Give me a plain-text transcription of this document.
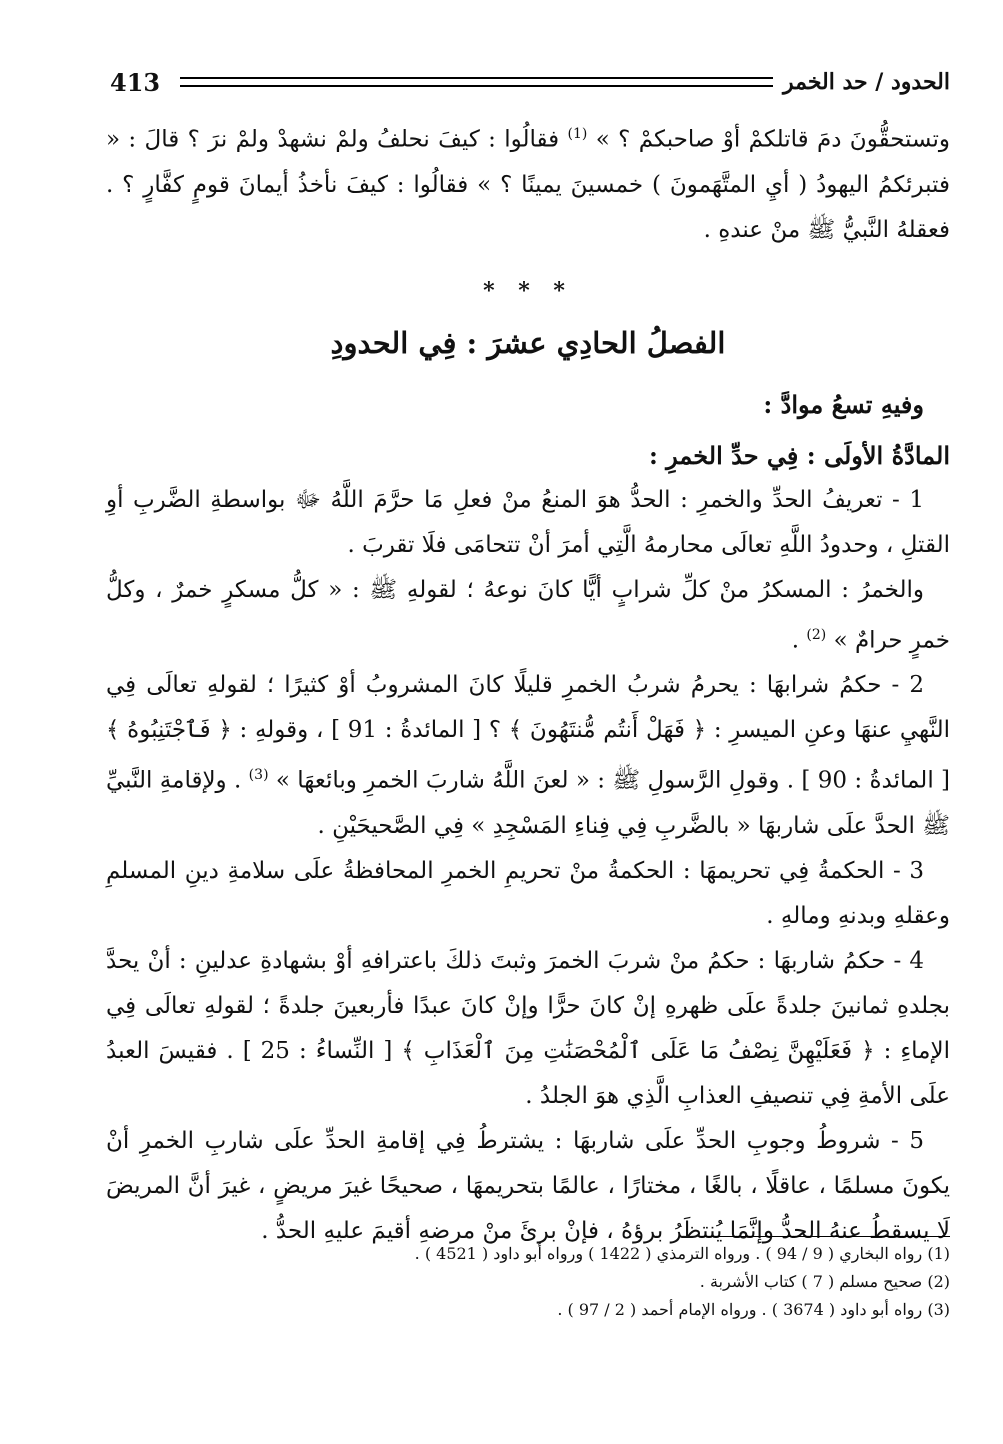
413	الحدود / حد الخمر

وتستحقُّونَ دمَ قاتلكمْ أوْ صاحبكمْ ؟ » $^{(1)}$ فقالُوا : كيفَ نحلفُ ولمْ نشهدْ ولمْ نرَ ؟ قالَ : « فتبرئكمُ اليهودُ ( أيِ المتَّهَمونَ ) خمسينَ يمينًا ؟ » فقالُوا : كيفَ نأخذُ أيمانَ قومٍ كفَّارٍ ؟ . فعقلهُ النَّبيُّ ﷺ منْ عندهِ .

* * *
الفصلُ الحادِي عشرَ : فِي الحدودِ

وفيهِ تسعُ موادَّ :

المادَّةُ الأولَى : فِي حدِّ الخمرِ :

1 - تعريفُ الحدِّ والخمرِ : الحدُّ هوَ المنعُ منْ فعلِ مَا حرَّمَ اللَّهُ ﷻ بواسطةِ الضَّربِ أوِ القتلِ ، وحدودُ اللَّهِ تعالَى محارمهُ الَّتِي أمرَ أنْ تتحامَى فلَا تقربَ .

والخمرُ : المسكرُ منْ كلِّ شرابٍ أيًّا كانَ نوعهُ ؛ لقولهِ ﷺ : « كلُّ مسكرٍ خمرٌ ، وكلُّ خمرٍ حرامٌ » $^{(2)}$ .

2 - حكمُ شرابهَا : يحرمُ شربُ الخمرِ قليلًا كانَ المشروبُ أوْ كثيرًا ؛ لقولهِ تعالَى فِي النَّهيِ عنهَا وعنِ الميسرِ : ﴿ فَهَلْ أَنتُم مُّنتَهُونَ ﴾ ؟ [ المائدةُ : 91 ] ، وقولهِ : ﴿ فَٱجْتَنِبُوهُ ﴾ [ المائدةُ : 90 ] . وقولِ الرَّسولِ ﷺ : « لعنَ اللَّهُ شاربَ الخمرِ وبائعهَا » $^{(3)}$ . ولإقامةِ النَّبيِّ ﷺ الحدَّ علَى شاربهَا « بالضَّربِ فِي فِناءِ المَسْجِدِ » فِي الصَّحيحَيْنِ .

3 - الحكمةُ فِي تحريمهَا : الحكمةُ منْ تحريمِ الخمرِ المحافظةُ علَى سلامةِ دينِ المسلمِ وعقلهِ وبدنهِ ومالهِ .

4 - حكمُ شاربهَا : حكمُ منْ شربَ الخمرَ وثبتَ ذلكَ باعترافهِ أوْ بشهادةِ عدلينِ : أنْ يحدَّ بجلدهِ ثمانينَ جلدةً علَى ظهرهِ إنْ كانَ حرًّا وإنْ كانَ عبدًا فأربعينَ جلدةً ؛ لقولهِ تعالَى فِي الإماءِ : ﴿ فَعَلَيْهِنَّ نِصْفُ مَا عَلَى ٱلْمُحْصَنَٰتِ مِنَ ٱلْعَذَابِ ﴾ [ النِّساءُ : 25 ] . فقيسَ العبدُ علَى الأمةِ فِي تنصيفِ العذابِ الَّذِي هوَ الجلدُ .

5 - شروطُ وجوبِ الحدِّ علَى شاربهَا : يشترطُ فِي إقامةِ الحدِّ علَى شاربِ الخمرِ أنْ يكونَ مسلمًا ، عاقلًا ، بالغًا ، مختارًا ، عالمًا بتحريمهَا ، صحيحًا غيرَ مريضٍ ، غيرَ أنَّ المريضَ لَا يسقطُ عنهُ الحدُّ وإنَّمَا يُنتظَرُ برؤهُ ، فإنْ برئَ منْ مرضهِ أقيمَ عليهِ الحدُّ .

(1) رواه البخاري ( 9 / 94 ) . ورواه الترمذي ( 1422 ) ورواه أبو داود ( 4521 ) .

(2) صحيح مسلم ( 7 ) كتاب الأشربة .

(3) رواه أبو داود ( 3674 ) . ورواه الإمام أحمد ( 2 / 97 ) .
